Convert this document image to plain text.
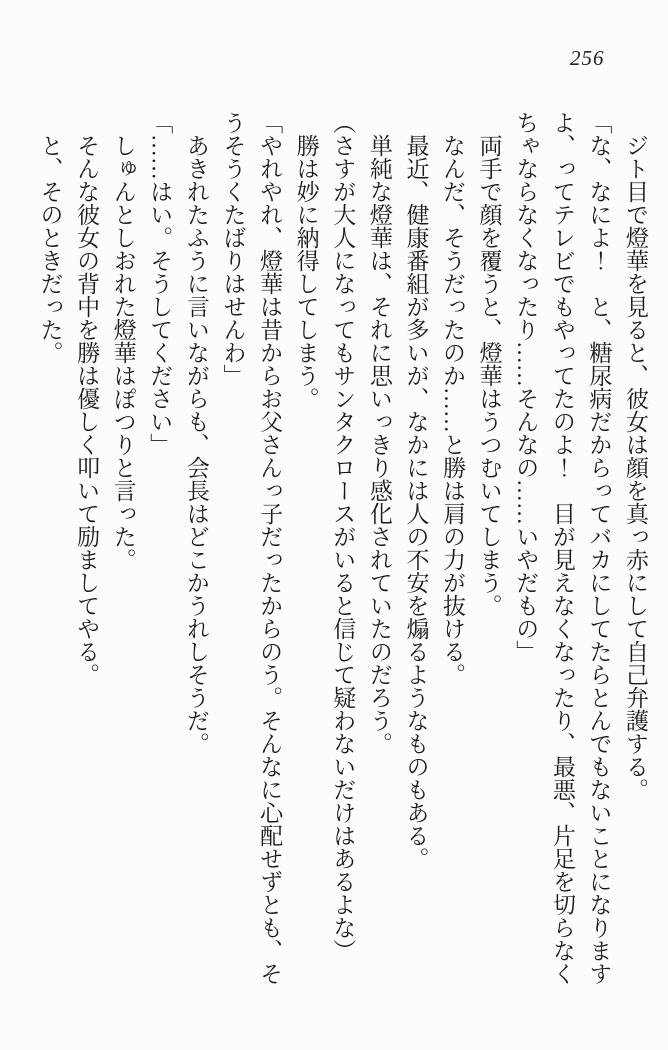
256

ジト目で燈華を見ると、彼女は顔を真っ赤にして自己弁護する。

「な、なによ！　と、糖尿病だからってバカにしてたらとんでもないことになりますよ、ってテレビでもやってたのよ！　目が見えなくなったり、最悪、片足を切らなくちゃならなくなったり……そんなの……いやだもの」

両手で顔を覆うと、燈華はうつむいてしまう。

なんだ、そうだったのか……と勝は肩の力が抜ける。

最近、健康番組が多いが、なかには人の不安を煽るようなものもある。

単純な燈華は、それに思いっきり感化されていたのだろう。

（さすが大人になってもサンタクロースがいると信じて疑わないだけはあるよな）

勝は妙に納得してしまう。

「やれやれ、燈華は昔からお父さんっ子だったからのう。そんなに心配せずとも、そうそうくたばりはせんわ」

あきれたふうに言いながらも、会長はどこかうれしそうだ。

「……はい。そうしてください」

しゅんとしおれた燈華はぽつりと言った。

そんな彼女の背中を勝は優しく叩いて励ましてやる。

と、そのときだった。
